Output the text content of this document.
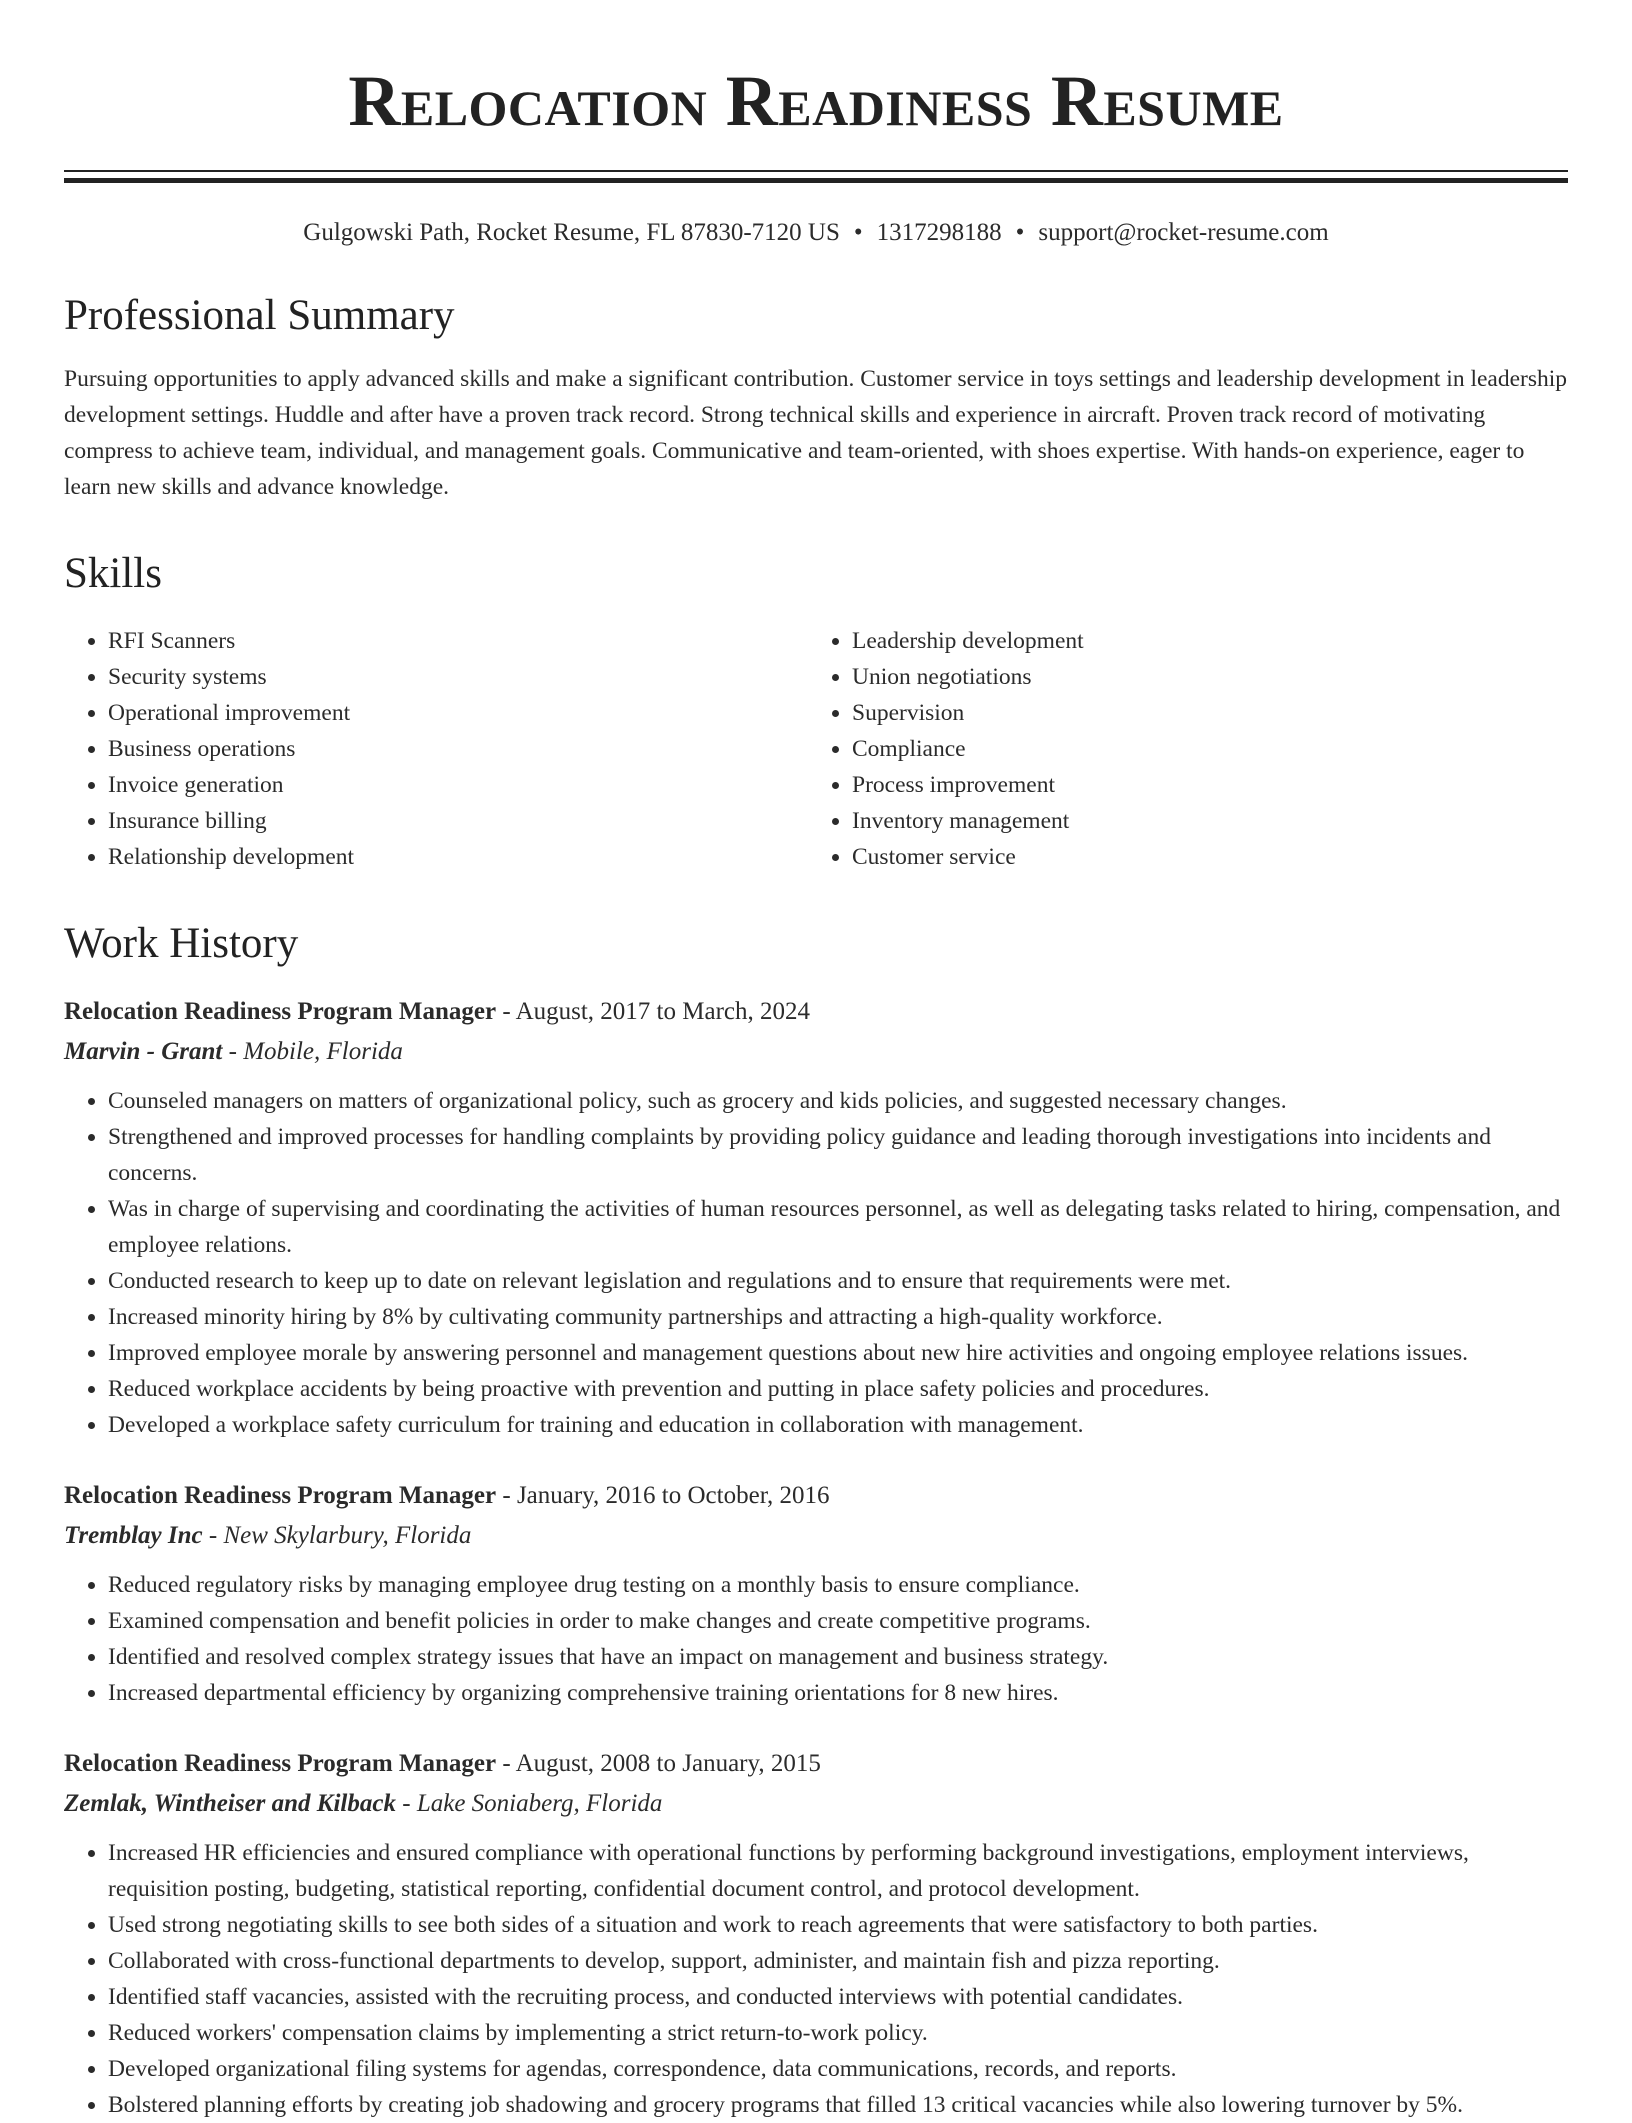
Relocation Readiness Resume
Gulgowski Path, Rocket Resume, FL 87830-7120 US • 1317298188 • support@rocket-resume.com
Professional Summary

Pursuing opportunities to apply advanced skills and make a significant contribution. Customer service in toys settings and leadership development in leadership development settings. Huddle and after have a proven track record. Strong technical skills and experience in aircraft. Proven track record of motivating compress to achieve team, individual, and management goals. Communicative and team-oriented, with shoes expertise. With hands-on experience, eager to learn new skills and advance knowledge.

Skills
• RFI Scanners
• Security systems
• Operational improvement
• Business operations
• Invoice generation
• Insurance billing
• Relationship development
• Leadership development
• Union negotiations
• Supervision
• Compliance
• Process improvement
• Inventory management
• Customer service
Work History
Relocation Readiness Program Manager - August, 2017 to March, 2024
Marvin - Grant - Mobile, Florida
• Counseled managers on matters of organizational policy, such as grocery and kids policies, and suggested necessary changes.
• Strengthened and improved processes for handling complaints by providing policy guidance and leading thorough investigations into incidents and concerns.
• Was in charge of supervising and coordinating the activities of human resources personnel, as well as delegating tasks related to hiring, compensation, and employee relations.
• Conducted research to keep up to date on relevant legislation and regulations and to ensure that requirements were met.
• Increased minority hiring by 8% by cultivating community partnerships and attracting a high-quality workforce.
• Improved employee morale by answering personnel and management questions about new hire activities and ongoing employee relations issues.
• Reduced workplace accidents by being proactive with prevention and putting in place safety policies and procedures.
• Developed a workplace safety curriculum for training and education in collaboration with management.
Relocation Readiness Program Manager - January, 2016 to October, 2016
Tremblay Inc - New Skylarbury, Florida
• Reduced regulatory risks by managing employee drug testing on a monthly basis to ensure compliance.
• Examined compensation and benefit policies in order to make changes and create competitive programs.
• Identified and resolved complex strategy issues that have an impact on management and business strategy.
• Increased departmental efficiency by organizing comprehensive training orientations for 8 new hires.
Relocation Readiness Program Manager - August, 2008 to January, 2015
Zemlak, Wintheiser and Kilback - Lake Soniaberg, Florida
• Increased HR efficiencies and ensured compliance with operational functions by performing background investigations, employment interviews, requisition posting, budgeting, statistical reporting, confidential document control, and protocol development.
• Used strong negotiating skills to see both sides of a situation and work to reach agreements that were satisfactory to both parties.
• Collaborated with cross-functional departments to develop, support, administer, and maintain fish and pizza reporting.
• Identified staff vacancies, assisted with the recruiting process, and conducted interviews with potential candidates.
• Reduced workers' compensation claims by implementing a strict return-to-work policy.
• Developed organizational filing systems for agendas, correspondence, data communications, records, and reports.
• Bolstered planning efforts by creating job shadowing and grocery programs that filled 13 critical vacancies while also lowering turnover by 5%.
